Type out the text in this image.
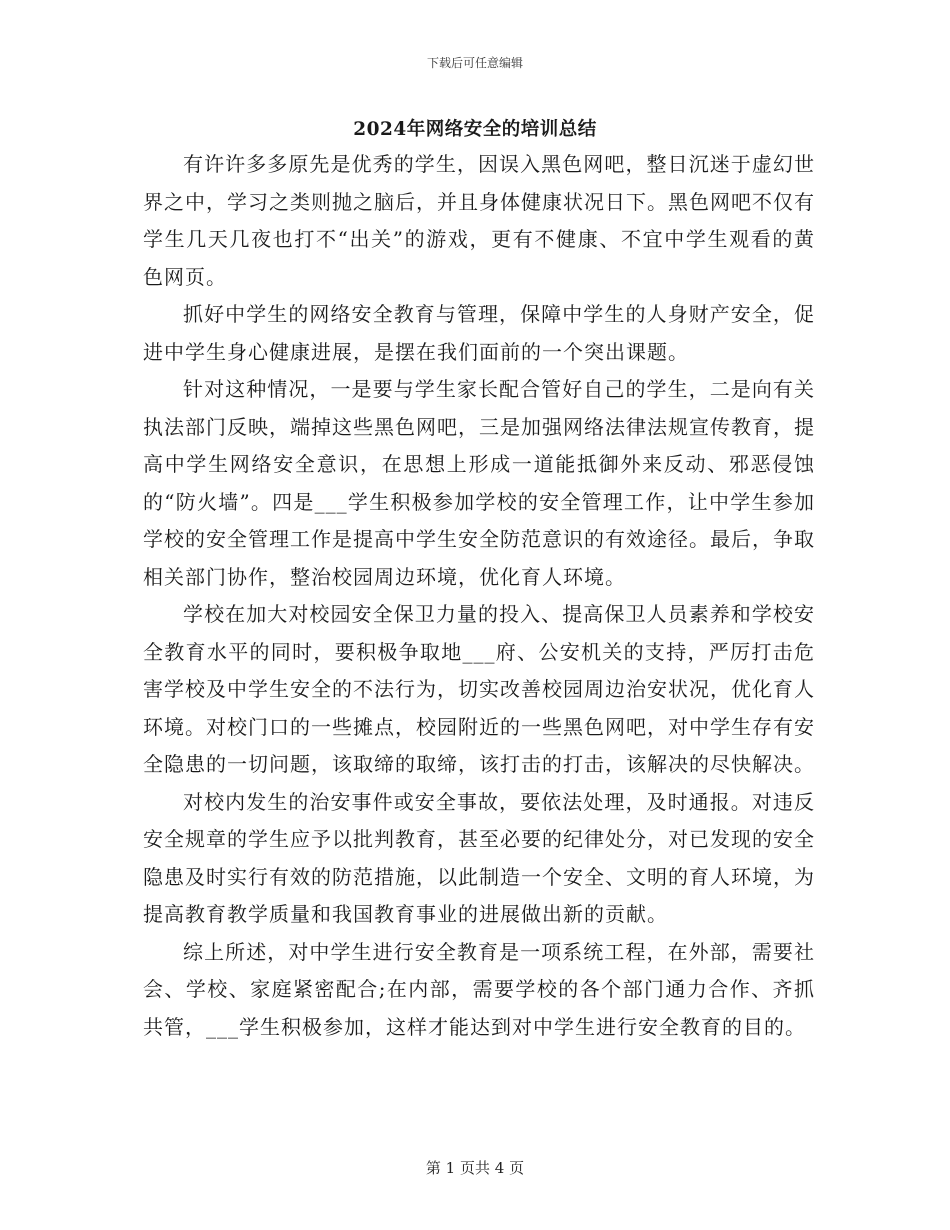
下载后可任意编辑
2024年网络安全的培训总结

有许许多多原先是优秀的学生，因误入黑色网吧，整日沉迷于虚幻世界之中，学习之类则抛之脑后，并且身体健康状况日下。黑色网吧不仅有学生几天几夜也打不“出关”的游戏，更有不健康、不宜中学生观看的黄色网页。

抓好中学生的网络安全教育与管理，保障中学生的人身财产安全，促进中学生身心健康进展，是摆在我们面前的一个突出课题。

针对这种情况，一是要与学生家长配合管好自己的学生，二是向有关执法部门反映，端掉这些黑色网吧，三是加强网络法律法规宣传教育，提高中学生网络安全意识，在思想上形成一道能抵御外来反动、邪恶侵蚀的“防火墙”。四是___学生积极参加学校的安全管理工作，让中学生参加学校的安全管理工作是提高中学生安全防范意识的有效途径。最后，争取相关部门协作，整治校园周边环境，优化育人环境。

学校在加大对校园安全保卫力量的投入、提高保卫人员素养和学校安全教育水平的同时，要积极争取地___府、公安机关的支持，严厉打击危害学校及中学生安全的不法行为，切实改善校园周边治安状况，优化育人环境。对校门口的一些摊点，校园附近的一些黑色网吧，对中学生存有安全隐患的一切问题，该取缔的取缔，该打击的打击，该解决的尽快解决。

对校内发生的治安事件或安全事故，要依法处理，及时通报。对违反安全规章的学生应予以批判教育，甚至必要的纪律处分，对已发现的安全隐患及时实行有效的防范措施，以此制造一个安全、文明的育人环境，为提高教育教学质量和我国教育事业的进展做出新的贡献。

综上所述，对中学生进行安全教育是一项系统工程，在外部，需要社会、学校、家庭紧密配合;在内部，需要学校的各个部门通力合作、齐抓共管，___学生积极参加，这样才能达到对中学生进行安全教育的目的。

第 1 页共 4 页
